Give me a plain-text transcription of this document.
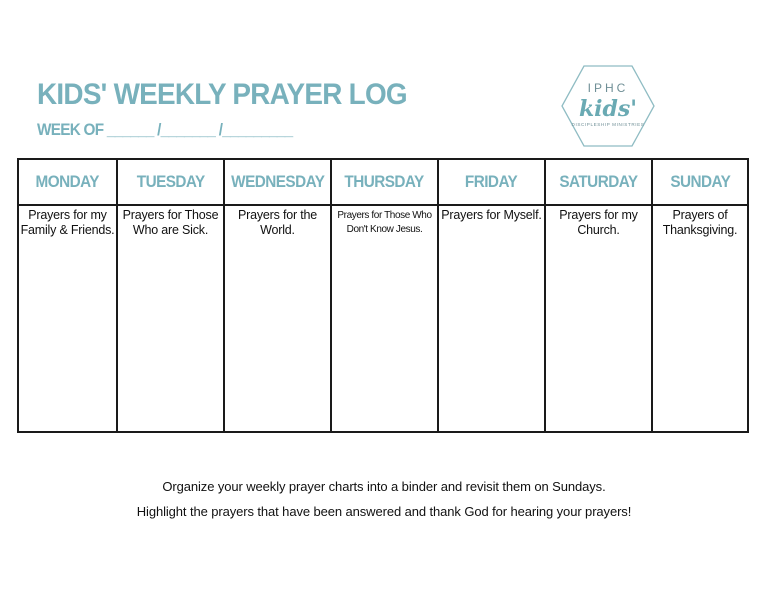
KIDS' WEEKLY PRAYER LOG
WEEK OF ______ /_______ /_________
IPHC
kids'
DISCIPLESHIP MINISTRIES
MONDAY TUESDAY WEDNESDAY THURSDAY FRIDAY SATURDAY SUNDAY
Prayers for my Family & Friends.
Prayers for Those Who are Sick.
Prayers for the World.
Prayers for Those Who Don't Know Jesus.
Prayers for Myself.	Prayers for my Church.
Prayers of Thanksgiving.
Organize your weekly prayer charts into a binder and revisit them on Sundays.
Highlight the prayers that have been answered and thank God for hearing your prayers!
